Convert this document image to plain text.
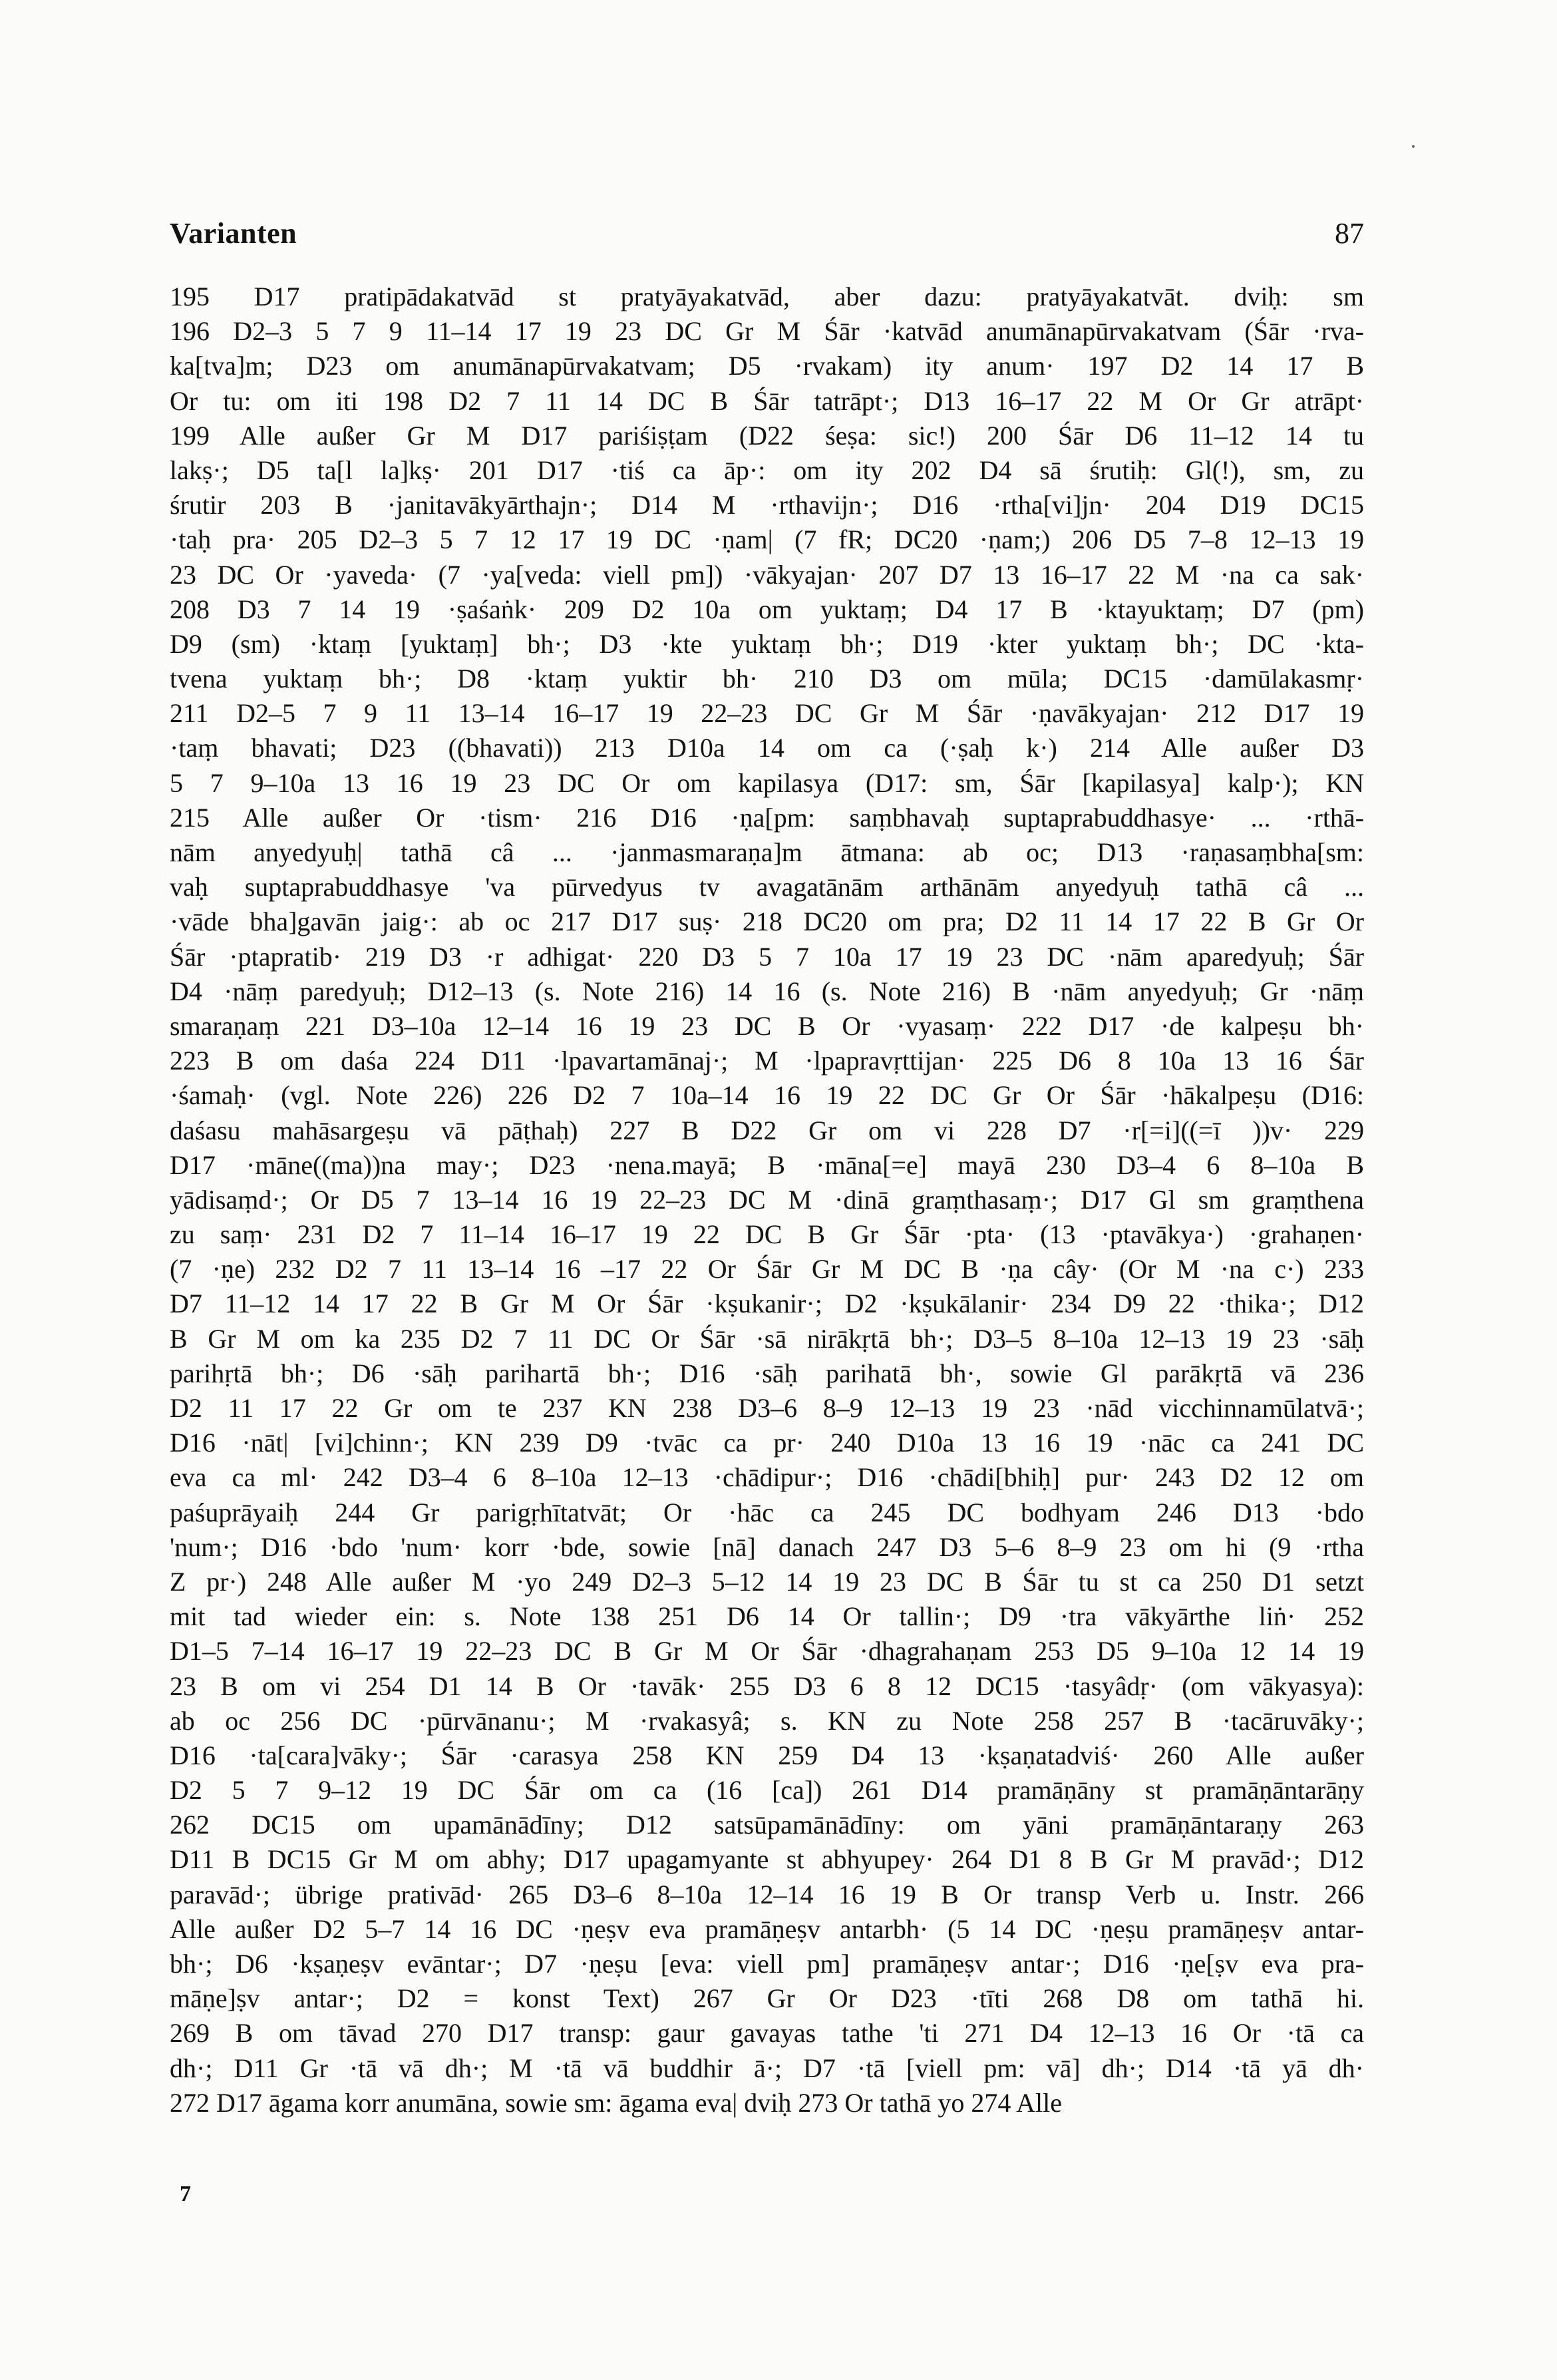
Varianten	87
195 D17 pratipādakatvād st pratyāyakatvād, aber dazu: pratyāyakatvāt. dviḥ: sm
196 D2–3 5 7 9 11–14 17 19 23 DC Gr M Śār ·katvād anumānapūrvakatvam (Śār ·rva-
ka[tva]m; D23 om anumānapūrvakatvam; D5 ·rvakam) ity anum· 197 D2 14 17 B
Or tu: om iti 198 D2 7 11 14 DC B Śār tatrāpt·; D13 16–17 22 M Or Gr atrāpt·
199 Alle außer Gr M D17 pariśiṣṭam (D22 śeṣa: sic!) 200 Śār D6 11–12 14 tu
lakṣ·; D5 ta[l la]kṣ· 201 D17 ·tiś ca āp·: om ity 202 D4 sā śrutiḥ: Gl(!), sm, zu
śrutir 203 B ·janitavākyārthajn·; D14 M ·rthavijn·; D16 ·rtha[vi]jn· 204 D19 DC15
·taḥ pra· 205 D2–3 5 7 12 17 19 DC ·ṇam| (7 fR; DC20 ·ṇam;) 206 D5 7–8 12–13 19
23 DC Or ·yaveda· (7 ·ya[veda: viell pm]) ·vākyajan· 207 D7 13 16–17 22 M ·na ca sak·
208 D3 7 14 19 ·ṣaśaṅk· 209 D2 10a om yuktaṃ; D4 17 B ·ktayuktaṃ; D7 (pm)
D9 (sm) ·ktaṃ [yuktaṃ] bh·; D3 ·kte yuktaṃ bh·; D19 ·kter yuktaṃ bh·; DC ·kta-
tvena yuktaṃ bh·; D8 ·ktaṃ yuktir bh· 210 D3 om mūla; DC15 ·damūlakasmṛ·
211 D2–5 7 9 11 13–14 16–17 19 22–23 DC Gr M Śār ·ṇavākyajan· 212 D17 19
·taṃ bhavati; D23 ((bhavati)) 213 D10a 14 om ca (·ṣaḥ k·) 214 Alle außer D3
5 7 9–10a 13 16 19 23 DC Or om kapilasya (D17: sm, Śār [kapilasya] kalp·); KN
215 Alle außer Or ·tism· 216 D16 ·ṇa[pm: saṃbhavaḥ suptaprabuddhasye· ... ·rthā-
nām anyedyuḥ| tathā câ ... ·janmasmaraṇa]m ātmana: ab oc; D13 ·raṇasaṃbha[sm:
vaḥ suptaprabuddhasye 'va pūrvedyus tv avagatānām arthānām anyedyuḥ tathā câ ...
·vāde bha]gavān jaig·: ab oc 217 D17 suṣ· 218 DC20 om pra; D2 11 14 17 22 B Gr Or
Śār ·ptapratib· 219 D3 ·r adhigat· 220 D3 5 7 10a 17 19 23 DC ·nām aparedyuḥ; Śār
D4 ·nāṃ paredyuḥ; D12–13 (s. Note 216) 14 16 (s. Note 216) B ·nām anyedyuḥ; Gr ·nāṃ
smaraṇaṃ 221 D3–10a 12–14 16 19 23 DC B Or ·vyasaṃ· 222 D17 ·de kalpeṣu bh·
223 B om daśa 224 D11 ·lpavartamānaj·; M ·lpapravṛttijan· 225 D6 8 10a 13 16 Śār
·śamaḥ· (vgl. Note 226) 226 D2 7 10a–14 16 19 22 DC Gr Or Śār ·hākalpeṣu (D16:
daśasu mahāsargeṣu vā pāṭhaḥ) 227 B D22 Gr om vi 228 D7 ·r[=i]((=ī ))v· 229
D17 ·māne((ma))na may·; D23 ·nena.mayā; B ·māna[=e] mayā 230 D3–4 6 8–10a B
yādisaṃd·; Or D5 7 13–14 16 19 22–23 DC M ·dinā graṃthasaṃ·; D17 Gl sm graṃthena
zu saṃ· 231 D2 7 11–14 16–17 19 22 DC B Gr Śār ·pta· (13 ·ptavākya·) ·grahaṇen·
(7 ·ṇe) 232 D2 7 11 13–14 16 –17 22 Or Śār Gr M DC B ·ṇa cây· (Or M ·na c·) 233
D7 11–12 14 17 22 B Gr M Or Śār ·kṣukanir·; D2 ·kṣukālanir· 234 D9 22 ·thika·; D12
B Gr M om ka 235 D2 7 11 DC Or Śār ·sā nirākṛtā bh·; D3–5 8–10a 12–13 19 23 ·sāḥ
parihṛtā bh·; D6 ·sāḥ parihartā bh·; D16 ·sāḥ parihatā bh·, sowie Gl parākṛtā vā 236
D2 11 17 22 Gr om te 237 KN 238 D3–6 8–9 12–13 19 23 ·nād vicchinnamūlatvā·;
D16 ·nāt| [vi]chinn·; KN 239 D9 ·tvāc ca pr· 240 D10a 13 16 19 ·nāc ca 241 DC
eva ca ml· 242 D3–4 6 8–10a 12–13 ·chādipur·; D16 ·chādi[bhiḥ] pur· 243 D2 12 om
paśuprāyaiḥ 244 Gr parigṛhītatvāt; Or ·hāc ca 245 DC bodhyam 246 D13 ·bdo
'num·; D16 ·bdo 'num· korr ·bde, sowie [nā] danach 247 D3 5–6 8–9 23 om hi (9 ·rtha
Z pr·) 248 Alle außer M ·yo 249 D2–3 5–12 14 19 23 DC B Śār tu st ca 250 D1 setzt
mit tad wieder ein: s. Note 138 251 D6 14 Or tallin·; D9 ·tra vākyārthe liṅ· 252
D1–5 7–14 16–17 19 22–23 DC B Gr M Or Śār ·dhagrahaṇam 253 D5 9–10a 12 14 19
23 B om vi 254 D1 14 B Or ·tavāk· 255 D3 6 8 12 DC15 ·tasyâdṛ· (om vākyasya):
ab oc 256 DC ·pūrvānanu·; M ·rvakasyâ; s. KN zu Note 258 257 B ·tacāruvāky·;
D16 ·ta[cara]vāky·; Śār ·carasya 258 KN 259 D4 13 ·kṣaṇatadviś· 260 Alle außer
D2 5 7 9–12 19 DC Śār om ca (16 [ca]) 261 D14 pramāṇāny st pramāṇāntarāṇy
262 DC15 om upamānādīny; D12 satsūpamānādīny: om yāni pramāṇāntaraṇy 263
D11 B DC15 Gr M om abhy; D17 upagamyante st abhyupey· 264 D1 8 B Gr M pravād·; D12
paravād·; übrige prativād· 265 D3–6 8–10a 12–14 16 19 B Or transp Verb u. Instr. 266
Alle außer D2 5–7 14 16 DC ·ṇeṣv eva pramāṇeṣv antarbh· (5 14 DC ·ṇeṣu pramāṇeṣv antar-
bh·; D6 ·kṣaṇeṣv evāntar·; D7 ·ṇeṣu [eva: viell pm] pramāṇeṣv antar·; D16 ·ṇe[ṣv eva pra-
māṇe]ṣv antar·; D2 = konst Text) 267 Gr Or D23 ·tīti 268 D8 om tathā hi.
269 B om tāvad 270 D17 transp: gaur gavayas tathe 'ti 271 D4 12–13 16 Or ·tā ca
dh·; D11 Gr ·tā vā dh·; M ·tā vā buddhir ā·; D7 ·tā [viell pm: vā] dh·; D14 ·tā yā dh·
272 D17 āgama korr anumāna, sowie sm: āgama eva| dviḥ 273 Or tathā yo 274 Alle
7
